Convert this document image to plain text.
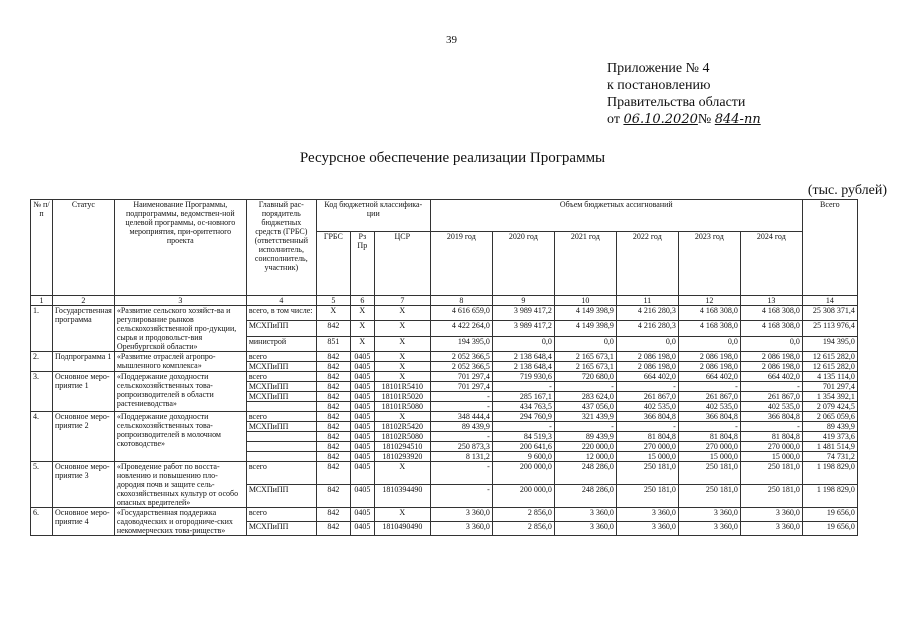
39
Приложение № 4
к постановлению
Правительства области
от 06.10.2020№ 844-пп
Ресурсное обеспечение реализации Программы
(тыс. рублей)
№ п/п	Статус	Наименование Программы, подпрограммы, ведомствен-ной целевой программы, ос-новного мероприятия, при-оритетного проекта	Главный рас-порядитель бюджетных средств (ГРБС) (ответственный исполнитель, соисполнитель, участник)	Код бюджетной классифика-ции			Объем бюджетных ассигнований						Всего
				ГРБС	Рз Пр	ЦСР	2019 год	2020 год	2021 год	2022 год	2023 год	2024 год	
1	2	3	4	5	6	7	8	9	10	11	12	13	14
1.	Государственная программа	«Развитие сельского хозяйст-ва и регулирование рынков сельскохозяйственной про-дукции, сырья и продовольст-вия Оренбургской области»	всего, в том числе:	X	X	X	4 616 659,0	3 989 417,2	4 149 398,9	4 216 280,3	4 168 308,0	4 168 308,0	25 308 371,4
			МСХПиПП	842	X	X	4 422 264,0	3 989 417,2	4 149 398,9	4 216 280,3	4 168 308,0	4 168 308,0	25 113 976,4
			министрой	851	X	X	194 395,0	0,0	0,0	0,0	0,0	0,0	194 395,0
2.	Подпрограмма 1	«Развитие отраслей агропро-мышленного комплекса»	всего	842	0405	X	2 052 366,5	2 138 648,4	2 165 673,1	2 086 198,0	2 086 198,0	2 086 198,0	12 615 282,0
			МСХПиПП	842	0405	X	2 052 366,5	2 138 648,4	2 165 673,1	2 086 198,0	2 086 198,0	2 086 198,0	12 615 282,0
3.	Основное меро-приятие 1	«Поддержание доходности сельскохозяйственных това-ропроизводителей в области растениеводства»	всего	842	0405	X	701 297,4	719 930,6	720 680,0	664 402,0	664 402,0	664 402,0	4 135 114,0
			МСХПиПП	842	0405	18101R5410	701 297,4	-	-	-	-	-	701 297,4
			МСХПиПП	842	0405	18101R5020	-	285 167,1	283 624,0	261 867,0	261 867,0	261 867,0	1 354 392,1
				842	0405	18101R5080	-	434 763,5	437 056,0	402 535,0	402 535,0	402 535,0	2 079 424,5
4.	Основное меро-приятие 2	«Поддержание доходности сельскохозяйственных това-ропроизводителей в молочном скотоводстве»	всего	842	0405	X	348 444,4	294 760,9	321 439,9	366 804,8	366 804,8	366 804,8	2 065 059,6
			МСХПиПП	842	0405	18102R5420	89 439,9	-	-	-	-	-	89 439,9
				842	0405	18102R5080	-	84 519,3	89 439,9	81 804,8	81 804,8	81 804,8	419 373,6
				842	0405	1810294510	250 873,3	200 641,6	220 000,0	270 000,0	270 000,0	270 000,0	1 481 514,9
				842	0405	1810293920	8 131,2	9 600,0	12 000,0	15 000,0	15 000,0	15 000,0	74 731,2
5.	Основное меро-приятие 3	«Проведение работ по восста-новлению и повышению пло-дородия почв и защите сель-скохозяйственных культур от особо опасных вредителей»	всего	842	0405	X	-	200 000,0	248 286,0	250 181,0	250 181,0	250 181,0	1 198 829,0
			МСХПиПП	842	0405	1810394490	-	200 000,0	248 286,0	250 181,0	250 181,0	250 181,0	1 198 829,0
6.	Основное меро-приятие 4	«Государственная поддержка садоводческих и огородниче-ских некоммерческих това-риществ»	всего	842	0405	X	3 360,0	2 856,0	3 360,0	3 360,0	3 360,0	3 360,0	19 656,0
			МСХПиПП	842	0405	1810490490	3 360,0	2 856,0	3 360,0	3 360,0	3 360,0	3 360,0	19 656,0
